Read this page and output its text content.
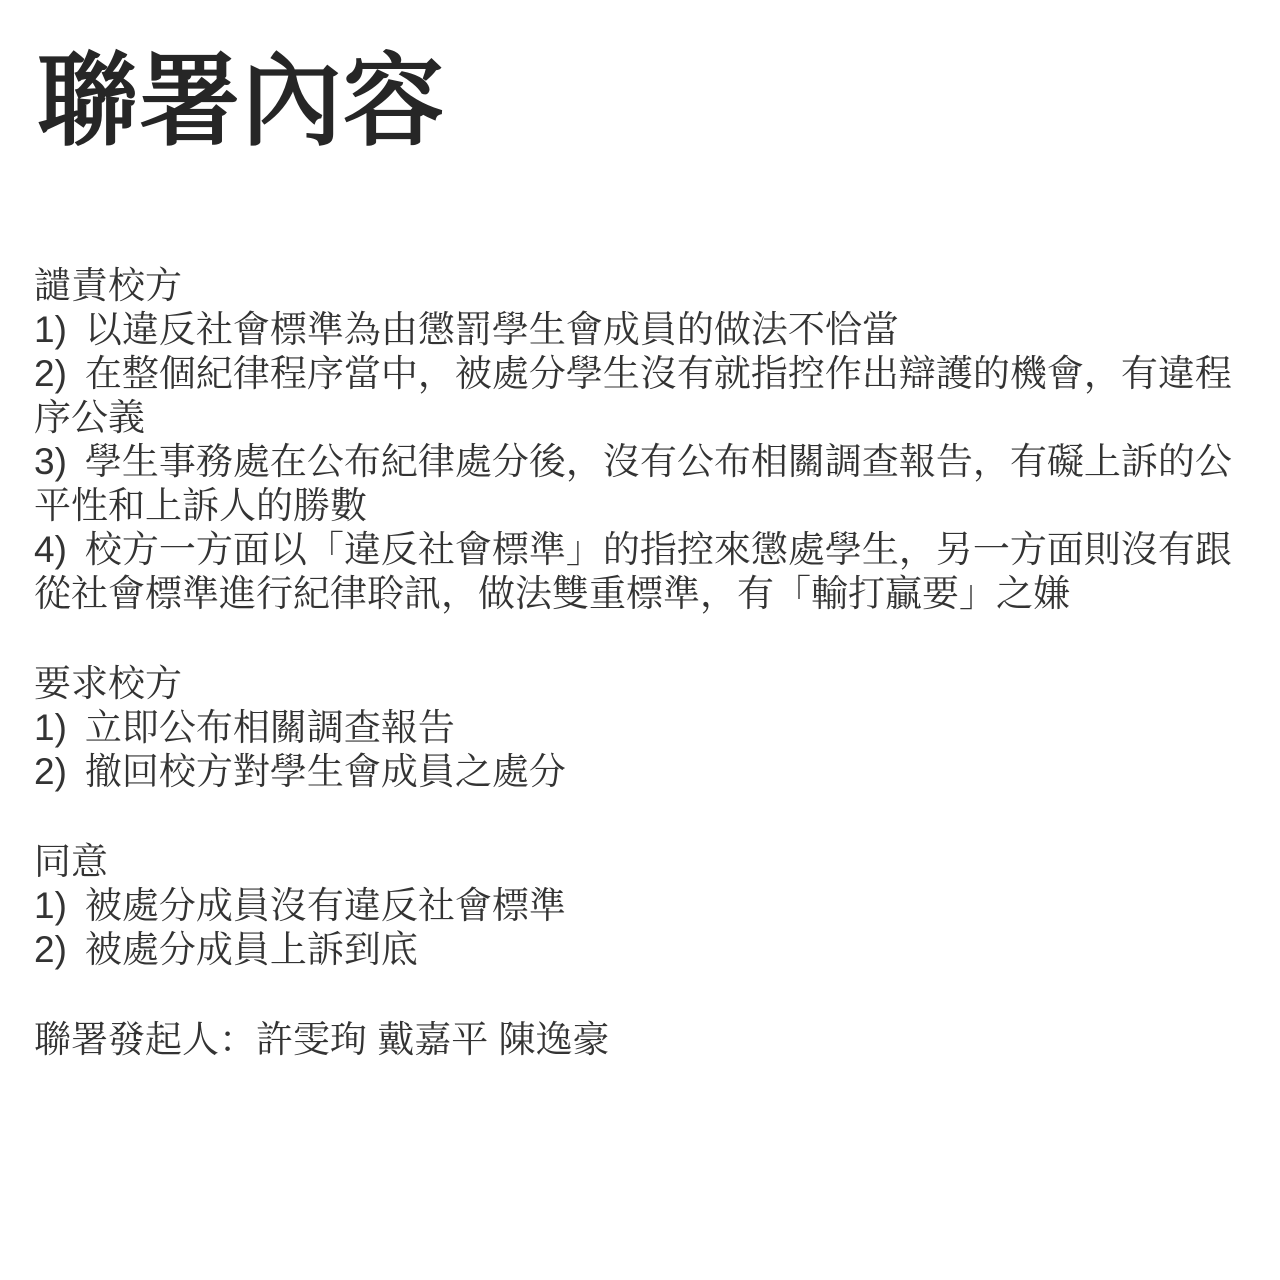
聯署內容
譴責校方
1) 以違反社會標準為由懲罰學生會成員的做法不恰當
2) 在整個紀律程序當中，被處分學生沒有就指控作出辯護的機會，有違程序公義
3) 學生事務處在公布紀律處分後，沒有公布相關調查報告，有礙上訴的公平性和上訴人的勝數
4) 校方一方面以「違反社會標準」的指控來懲處學生，另一方面則沒有跟從社會標準進行紀律聆訊，做法雙重標準，有「輸打贏要」之嫌
要求校方
1) 立即公布相關調查報告
2) 撤回校方對學生會成員之處分
同意
1) 被處分成員沒有違反社會標準
2) 被處分成員上訴到底
聯署發起人：許雯珣 戴嘉平 陳逸豪
